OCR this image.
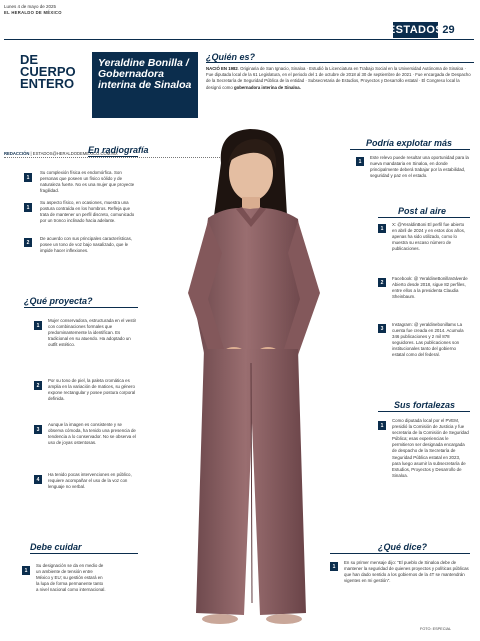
Lunes 4 de mayo de 2025
EL HERALDO DE MÉXICO
ESTADOS 29
DE CUERPO ENTERO
Yeraldine Bonilla / Gobernadora interina de Sinaloa
¿Quién es?
NACIÓ EN 1982. Originaria de San Ignacio, Sinaloa · Estudió la Licenciatura en Trabajo Social en la Universidad Autónoma de Sinaloa · Fue diputada local de la 61 Legislatura, en el periodo del 1 de octubre de 2018 al 30 de septiembre de 2021 · Fue encargada de Despacho de la Secretaría de Seguridad Pública de la entidad · Subsecretaria de Estudios, Proyectos y Desarrollo estatal · El Congreso local la designó como gobernadora interina de Sinaloa.
REDACCIÓN | ESTADOS@HERALDODEMEXICO.COM.MX
En radiografía
1
Su complexión física es endomórfica. Son personas que poseen un físico sólido y de naturaleza fuerte. No es una mujer que proyecte fragilidad.
1
Su aspecto físico, en ocasiones, muestra una postura contraída en los hombros. Refleja que trata de mantener un perfil discreto, comunicado por un tronco inclinado hacia adelante.
2
De acuerdo con sus principales características, posee un tono de voz bajo nasalizado, que le impide hacer inflexiones.
¿Qué proyecta?
1
Mujer conservadora, estructurada en el vestir con combinaciones formales que predominantemente la identifican. Es tradicional en su atuendo. Ha adoptado un outfit estético.
2
Por su tono de piel, la paleta cromática es amplia en la variación de matices, su género expone rectangular y posee postura corporal definida.
3
Aunque la imagen es consistente y se observa cómoda, ha tenido una presencia de tendencia a lo conservador. No se observa el uso de joyas ostentosas.
4
Ha tenido pocas intervenciones en público, requiere acompañar el uso de la voz con lenguaje no verbal.
Debe cuidar
1
Su designación se da en medio de un ambiente de tensión entre México y EU; su gestión estará en la lupa de forma permanente tanto a nivel nacional como internacional.
Podría explotar más
1
Este relevo puede resultar una oportunidad para la nueva mandataria en Sinaloa, en donde principalmente deberá trabajar por la estabilidad, seguridad y paz en el estado.
Post al aire
1
X: @YeraldinBoni El perfil fue abierto en abril de 2024 y en estos dos años, apenas ha sido utilizado, como lo muestra su escaso número de publicaciones.
2
Facebook: @ YeraldineBonillaValverde Abierto desde 2018, sigue 82 perfiles, entre ellos a la presidenta Claudia Sheinbaum.
3
Instagram: @ yeraldinebonillamx La cuenta fue creada en 2014. Acumula 346 publicaciones y 2 mil 878 seguidores. Las publicaciones son institucionales tanto del gobierno estatal como del federal.
Sus fortalezas
1
Como diputada local por el PVEM, presidió la Comisión de Justicia y fue secretaria de la Comisión de Seguridad Pública; esas experiencias le permitieron ser designada encargada de despacho de la Secretaría de Seguridad Pública estatal en 2023, para luego asumir la subsecretaría de Estudios, Proyectos y Desarrollo de Sinaloa.
¿Qué dice?
1
En su primer mensaje dijo: "El pueblo de Sinaloa debe de mantener la seguridad de quienes proyectos y políticas públicas que han dado sentido a los gobiernos de la 4T se mantendrán vigentes en mi gestión".
FOTO: ESPECIAL
